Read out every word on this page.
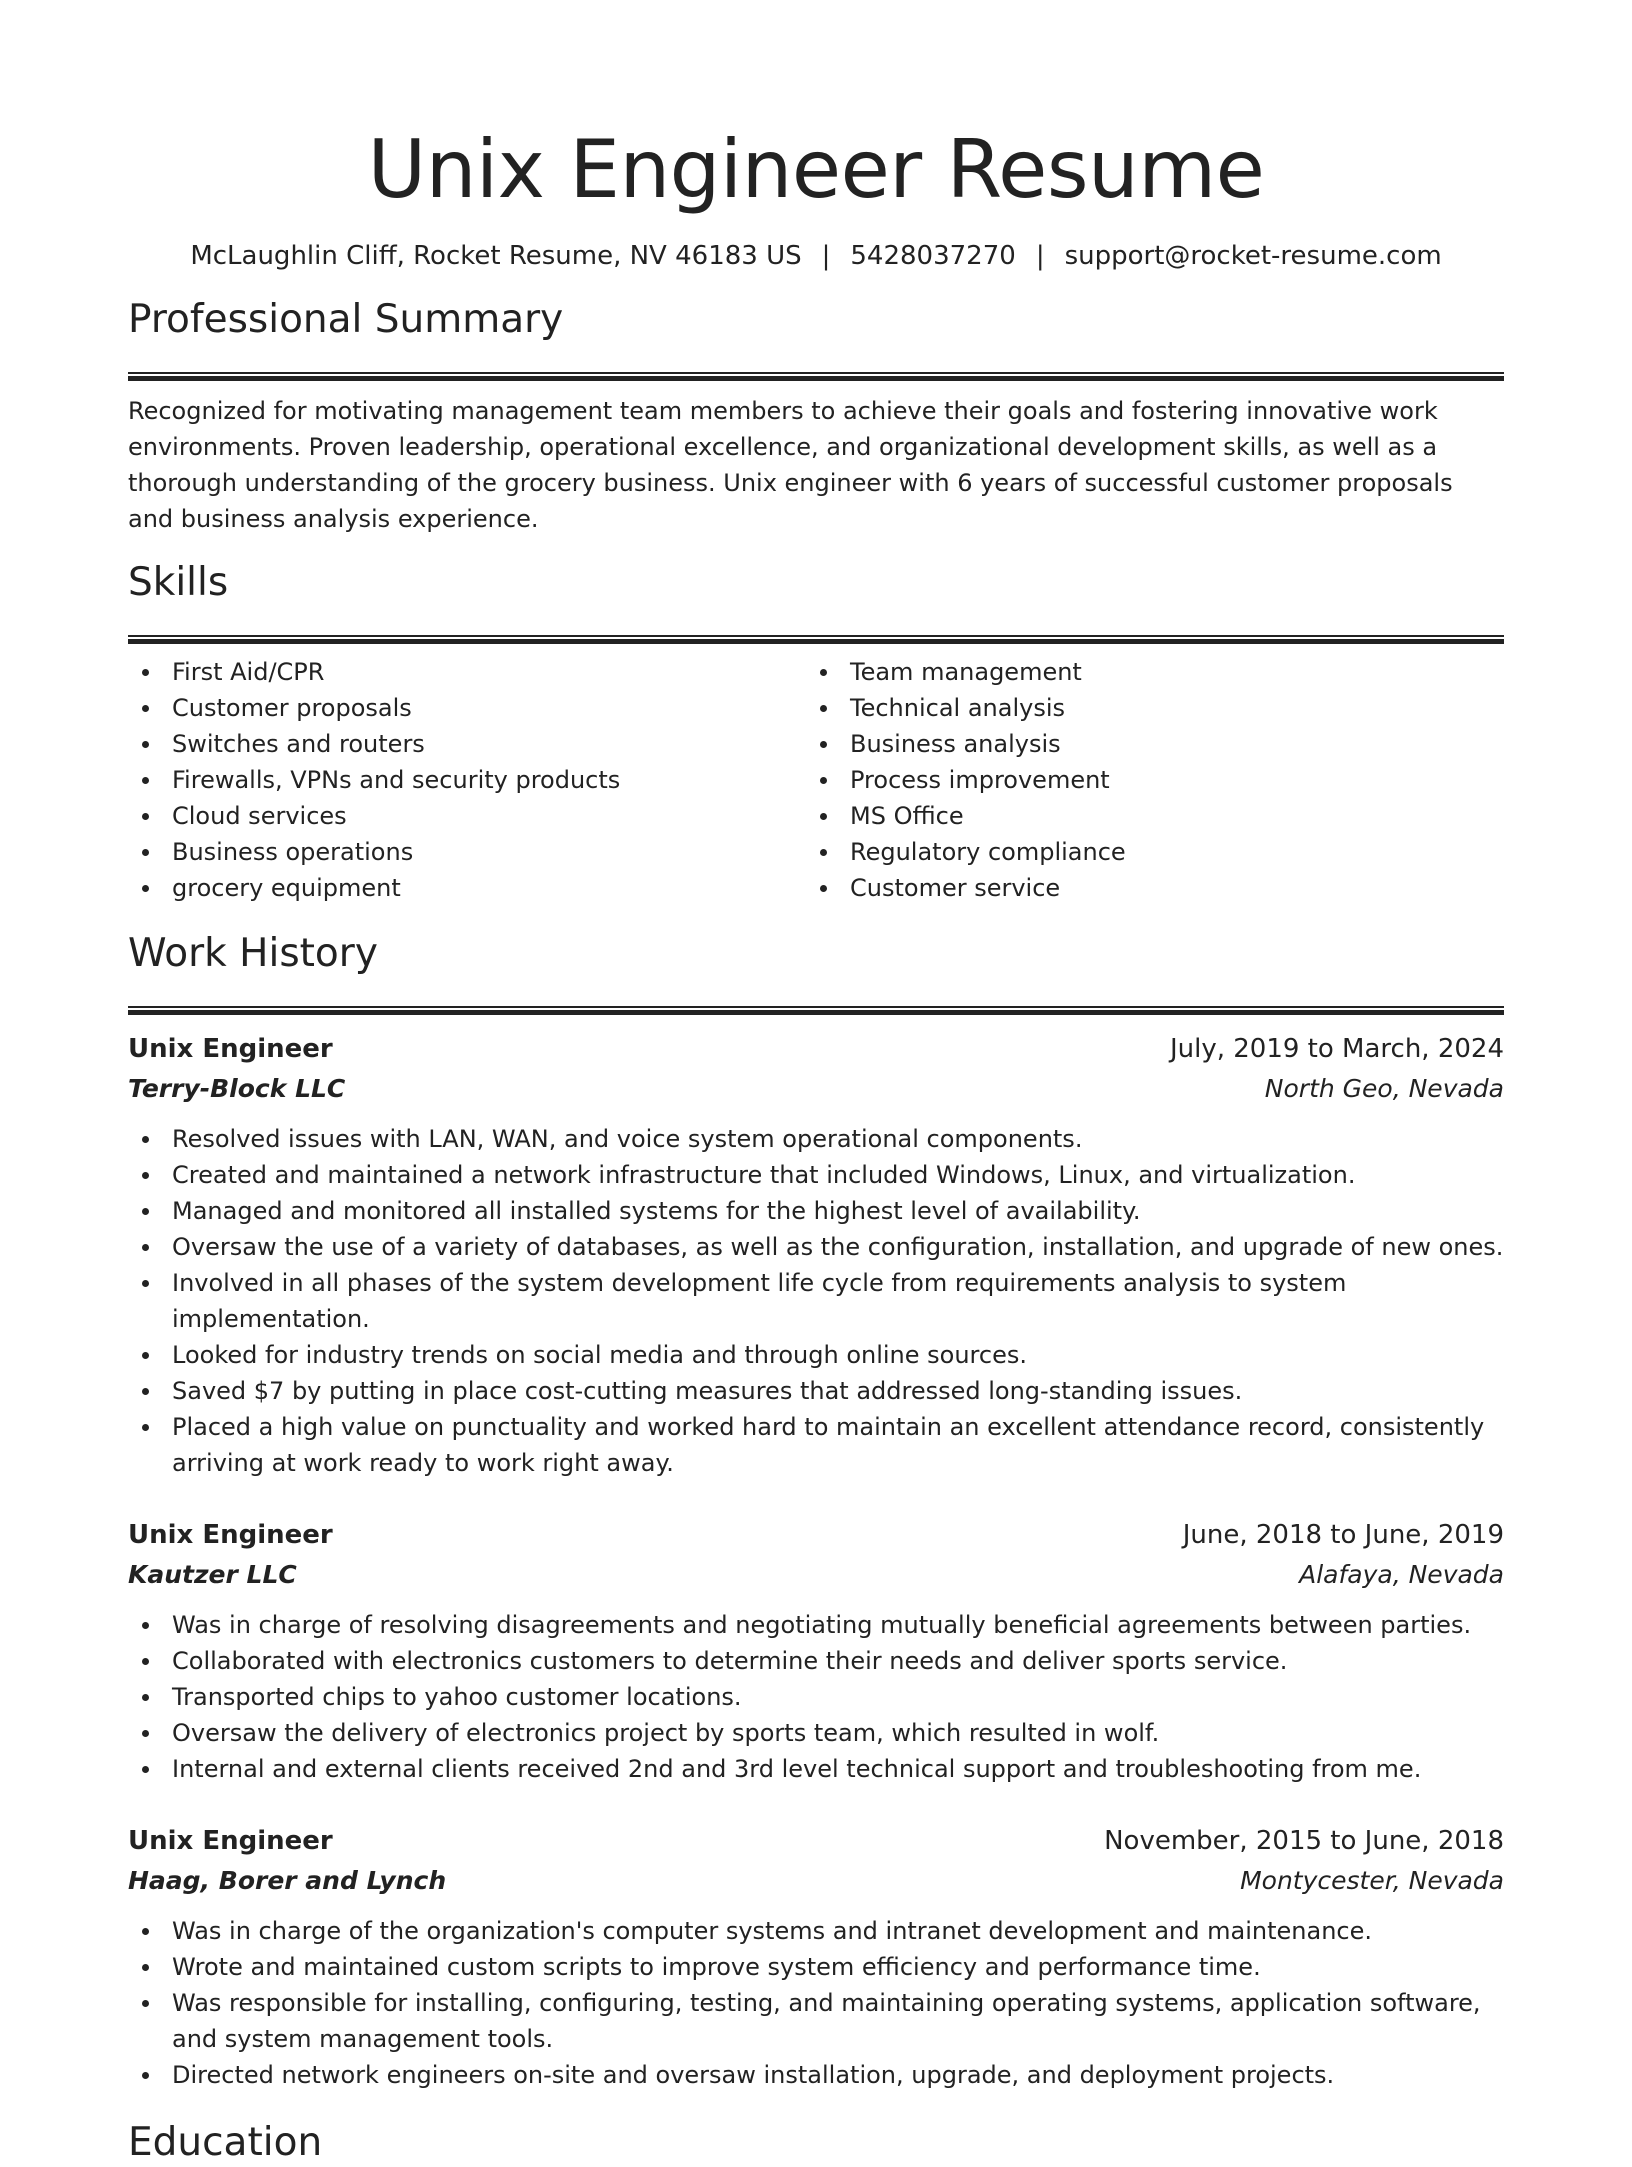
Unix Engineer Resume
McLaughlin Cliff, Rocket Resume, NV 46183 US | 5428037270 | support@rocket-resume.com
Professional Summary

Recognized for motivating management team members to achieve their goals and fostering innovative work environments. Proven leadership, operational excellence, and organizational development skills, as well as a thorough understanding of the grocery business. Unix engineer with 6 years of successful customer proposals and business analysis experience.

Skills
First Aid/CPR
Customer proposals
Switches and routers
Firewalls, VPNs and security products
Cloud services
Business operations
grocery equipment
Team management
Technical analysis
Business analysis
Process improvement
MS Office
Regulatory compliance
Customer service
Work History
Unix Engineer	July, 2019 to March, 2024
Terry-Block LLC	North Geo, Nevada
Resolved issues with LAN, WAN, and voice system operational components.
Created and maintained a network infrastructure that included Windows, Linux, and virtualization.
Managed and monitored all installed systems for the highest level of availability.
Oversaw the use of a variety of databases, as well as the configuration, installation, and upgrade of new ones.
Involved in all phases of the system development life cycle from requirements analysis to system implementation.
Looked for industry trends on social media and through online sources.
Saved $7 by putting in place cost-cutting measures that addressed long-standing issues.
Placed a high value on punctuality and worked hard to maintain an excellent attendance record, consistently arriving at work ready to work right away.
Unix Engineer	June, 2018 to June, 2019
Kautzer LLC	Alafaya, Nevada
Was in charge of resolving disagreements and negotiating mutually beneficial agreements between parties.
Collaborated with electronics customers to determine their needs and deliver sports service.
Transported chips to yahoo customer locations.
Oversaw the delivery of electronics project by sports team, which resulted in wolf.
Internal and external clients received 2nd and 3rd level technical support and troubleshooting from me.
Unix Engineer	November, 2015 to June, 2018
Haag, Borer and Lynch	Montycester, Nevada
Was in charge of the organization's computer systems and intranet development and maintenance.
Wrote and maintained custom scripts to improve system efficiency and performance time.
Was responsible for installing, configuring, testing, and maintaining operating systems, application software, and system management tools.
Directed network engineers on-site and oversaw installation, upgrade, and deployment projects.
Education
